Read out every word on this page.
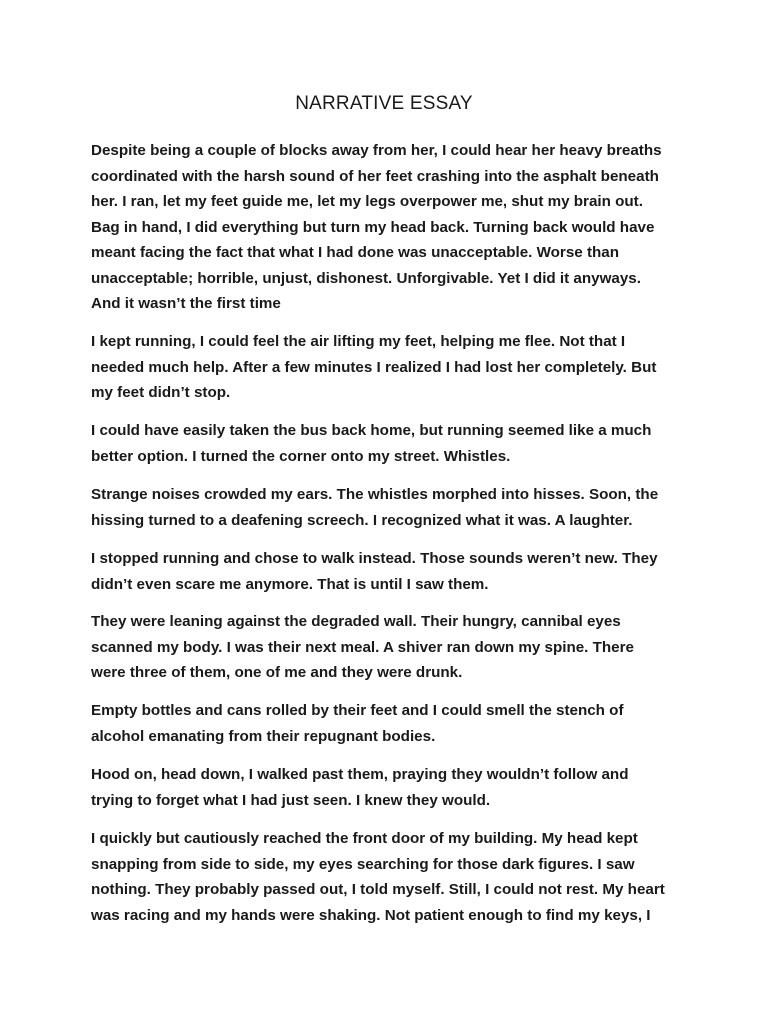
NARRATIVE ESSAY
Despite being a couple of blocks away from her, I could hear her heavy breaths
coordinated with the harsh sound of her feet crashing into the asphalt beneath
her. I ran, let my feet guide me, let my legs overpower me, shut my brain out.
Bag in hand, I did everything but turn my head back. Turning back would have
meant facing the fact that what I had done was unacceptable. Worse than
unacceptable; horrible, unjust, dishonest. Unforgivable. Yet I did it anyways.
And it wasn’t the first time
I kept running, I could feel the air lifting my feet, helping me flee. Not that I
needed much help. After a few minutes I realized I had lost her completely. But
my feet didn’t stop.
I could have easily taken the bus back home, but running seemed like a much
better option. I turned the corner onto my street. Whistles.
Strange noises crowded my ears. The whistles morphed into hisses. Soon, the
hissing turned to a deafening screech. I recognized what it was. A laughter.
I stopped running and chose to walk instead. Those sounds weren’t new. They
didn’t even scare me anymore. That is until I saw them.
They were leaning against the degraded wall. Their hungry, cannibal eyes
scanned my body. I was their next meal. A shiver ran down my spine. There
were three of them, one of me and they were drunk.
Empty bottles and cans rolled by their feet and I could smell the stench of
alcohol emanating from their repugnant bodies.
Hood on, head down, I walked past them, praying they wouldn’t follow and
trying to forget what I had just seen. I knew they would.
I quickly but cautiously reached the front door of my building. My head kept
snapping from side to side, my eyes searching for those dark figures. I saw
nothing. They probably passed out, I told myself. Still, I could not rest. My heart
was racing and my hands were shaking. Not patient enough to find my keys, I
